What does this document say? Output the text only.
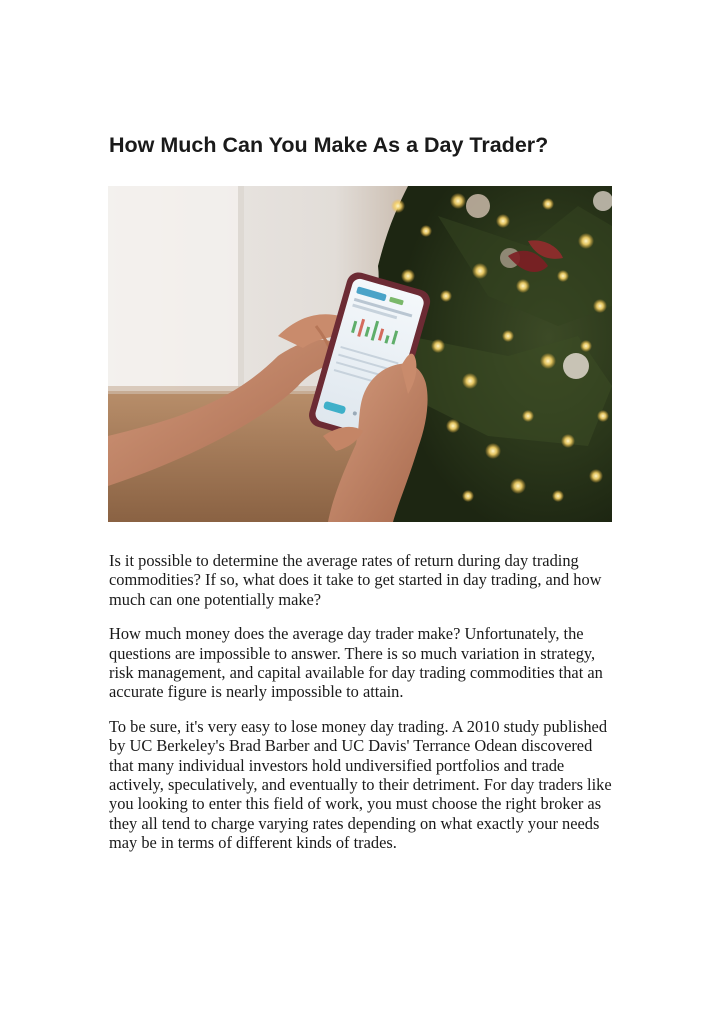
How Much Can You Make As a Day Trader?

Is it possible to determine the average rates of return during day trading commodities? If so, what does it take to get started in day trading, and how much can one potentially make?

How much money does the average day trader make? Unfortunately, the questions are impossible to answer. There is so much variation in strategy, risk management, and capital available for day trading commodities that an accurate figure is nearly impossible to attain.

To be sure, it's very easy to lose money day trading. A 2010 study published by UC Berkeley's Brad Barber and UC Davis' Terrance Odean discovered that many individual investors hold undiversified portfolios and trade actively, speculatively, and eventually to their detriment. For day traders like you looking to enter this field of work, you must choose the right broker as they all tend to charge varying rates depending on what exactly your needs may be in terms of different kinds of trades.
